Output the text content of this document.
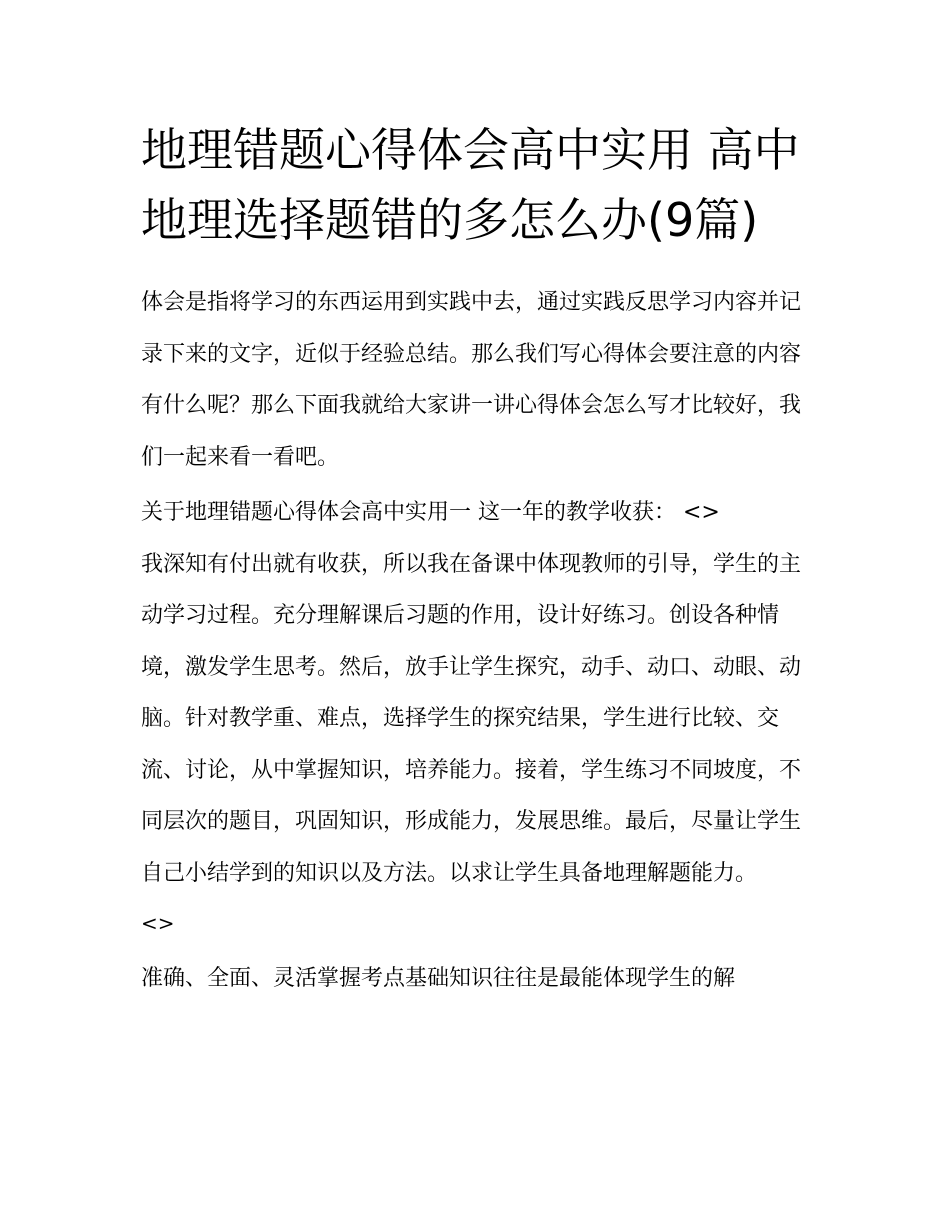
地理错题心得体会高中实用 高中地理选择题错的多怎么办(9篇)

体会是指将学习的东西运用到实践中去，通过实践反思学习内容并记录下来的文字，近似于经验总结。那么我们写心得体会要注意的内容有什么呢？那么下面我就给大家讲一讲心得体会怎么写才比较好，我们一起来看一看吧。

关于地理错题心得体会高中实用一 这一年的教学收获： <>

我深知有付出就有收获，所以我在备课中体现教师的引导，学生的主动学习过程。充分理解课后习题的作用，设计好练习。创设各种情境，激发学生思考。然后，放手让学生探究，动手、动口、动眼、动脑。针对教学重、难点，选择学生的探究结果，学生进行比较、交流、讨论，从中掌握知识，培养能力。接着，学生练习不同坡度，不同层次的题目，巩固知识，形成能力，发展思维。最后，尽量让学生自己小结学到的知识以及方法。以求让学生具备地理解题能力。

<>

准确、全面、灵活掌握考点基础知识往往是最能体现学生的解
